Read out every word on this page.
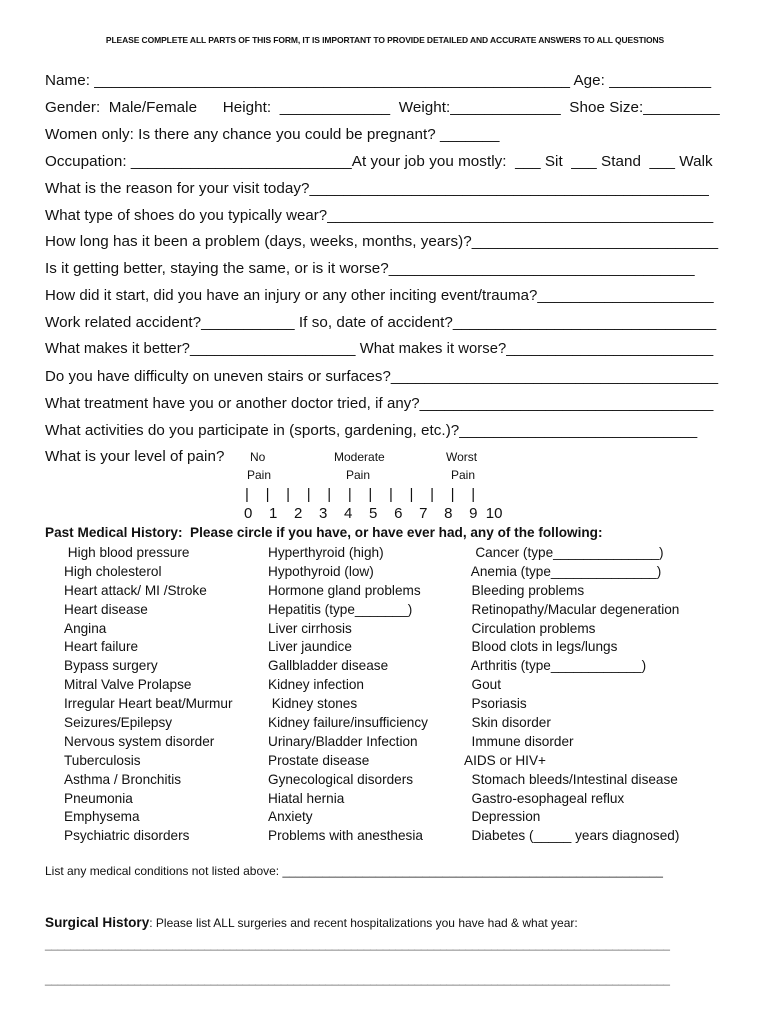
PLEASE COMPLETE ALL PARTS OF THIS FORM, IT IS IMPORTANT TO PROVIDE DETAILED AND ACCURATE ANSWERS TO ALL QUESTIONS
Name: ________________________________________________________ Age: ____________
Gender:  Male/Female      Height:  _____________  Weight:_____________  Shoe Size:_________
Women only: Is there any chance you could be pregnant? _______
Occupation: __________________________At your job you mostly:  ___ Sit  ___ Stand  ___ Walk
What is the reason for your visit today?_______________________________________________
What type of shoes do you typically wear?______________________________________________
How long has it been a problem (days, weeks, months, years)?_____________________________
Is it getting better, staying the same, or is it worse?____________________________________
How did it start, did you have an injury or any other inciting event/trauma?_____________________
Work related accident?___________ If so, date of accident?_______________________________
What makes it better?____________________ What makes it worse?_________________________
Do you have difficulty on uneven stairs or surfaces?_______________________________________
What treatment have you or another doctor tried, if any?___________________________________
What activities do you participate in (sports, gardening, etc.)?____________________________
What is your level of pain? No
Pain
Moderate
Pain
Worst
Pain
|    |    |    |    |    |    |    |    |    |    |    |
0    1    2    3    4    5    6    7    8    9  10
Past Medical History:  Please circle if you have, or have ever had, any of the following:
High blood pressure
High cholesterol
Heart attack/ MI /Stroke
Heart disease
Angina
Heart failure
Bypass surgery
Mitral Valve Prolapse
Irregular Heart beat/Murmur
Seizures/Epilepsy
Nervous system disorder
Tuberculosis
Asthma / Bronchitis
Pneumonia
Emphysema
Psychiatric disorders
Hyperthyroid (high)
Hypothyroid (low)
Hormone gland problems
Hepatitis (type_______)
Liver cirrhosis
Liver jaundice
Gallbladder disease
Kidney infection
Kidney stones
Kidney failure/insufficiency
Urinary/Bladder Infection
Prostate disease
Gynecological disorders
Hiatal hernia
Anxiety
Problems with anesthesia
Cancer (type______________)
Anemia (type______________)
Bleeding problems
Retinopathy/Macular degeneration
Circulation problems
Blood clots in legs/lungs
Arthritis (type____________)
Gout
Psoriasis
Skin disorder
Immune disorder
AIDS or HIV+
Stomach bleeds/Intestinal disease
Gastro-esophageal reflux
Depression
Diabetes (_____ years diagnosed)
List any medical conditions not listed above: _________________________________________________________
Surgical History: Please list ALL surgeries and recent hospitalizations you have had & what year:
__________________________________________________________________________________________________
__________________________________________________________________________________________________
